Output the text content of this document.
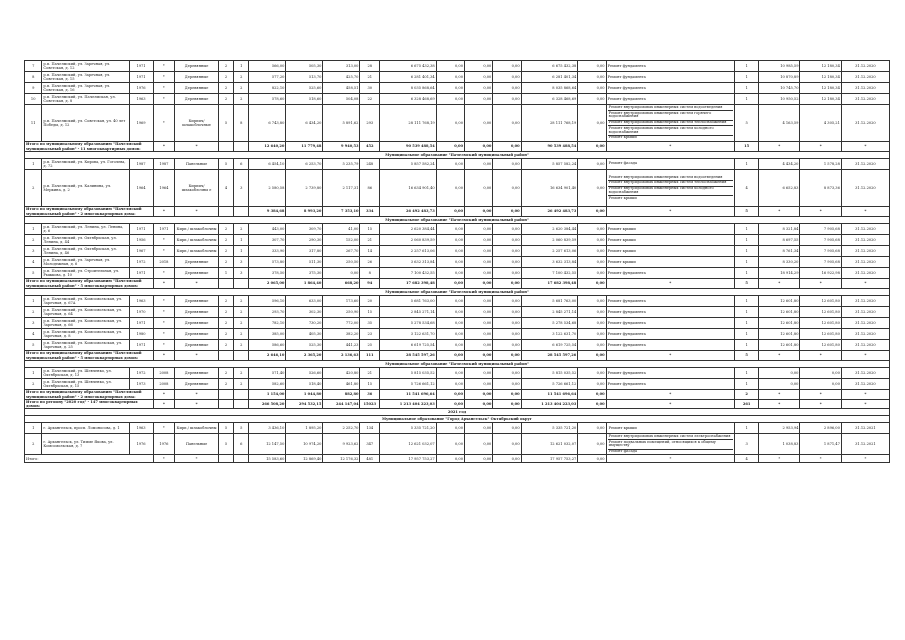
7	р.п. Пачелмский, ул. Заречная, ул. Советская, д. 12	1971	*	Деревянные	2	1	566,00	505,30	313,00	28	6 675 432,38	0,00	0,00	0,00	6 675 432,38	0,00	Ремонт фундамента	1	10 985,59	12 180,34	31.12.2020
8	р.п. Пачелмский, ул. Заречная, ул. Советская, д. 15	1971	*	Деревянные	2	2	577,20	513,70	425,70	21	6 281 401,34	0,00	0,00	0,00	6 281 401,34	0,00	Ремонт фундамента	1	10 870,89	12 180,34	31.12.2020
9	р.п. Пачелмский, ул. Заречная, ул. Советская, д. 16	1976	*	Деревянные	2	2	822,10	525,60	458,51	30	8 035 868,64	0,00	0,00	0,00	8 035 868,64	0,00	Ремонт фундамента	1	10 745,70	12 180,34	31.12.2020
10	р.п. Пачелмский, ул. Пачелмская, ул. Советская, д. 8	1963	*	Деревянные	2	2	578,60	518,60	504,08	22	6 328 468,69	0,00	0,00	0,00	6 328 468,69	0,00	Ремонт фундамента	1	10 950,52	12 180,34	31.12.2020
11	р.п. Пачелмский, ул. Советская, ул. 40 лет Победы, д. 12	1969	*	Кирпич/ шлакоблочные	5	8	6 743,80	6 434,20	5 891,62	293	28 111 768,19	0,00	0,00	0,00	28 111 768,19	0,00	Ремонт внутридомовых инженерных систем водоотведения
Ремонт внутридомовых инженерных систем горячего водоснабжения
Ремонт внутридомовых инженерных систем теплоснабжения
Ремонт внутридомовых инженерных систем холодного водоснабжения
Ремонт крыши	5	4 163,59	4 305,21	31.12.2020
Итого по муниципальному образованию "Пачелмский муниципальный район" - 11 многоквартирных домов:			*	*			12 640,20	11 779,48	9 940,53	452	90 539 488,54	0,00	0,00	0,00	90 539 488,54	0,00	*	15	*	*	*
Муниципальное образование "Пачелмский муниципальный район"																					
1	р.п. Пачелмский, ул. Кирова, ул. Гоголева, д. 72	1987	1987	Панельные	5	6	6 454,10	6 253,70	5 235,79	248	5 857 582,24	0,00	0,00	0,00	5 857 582,24	0,00	Ремонт фасада	1	4 434,20	1 578,28	31.12.2020
2	р.п. Пачелмский, ул. Калинина, ул. Меркина, д. 2	1964	1964	Кирпич/ шлакоблочны е	4	3	2 580,58	2 739,80	2 117,31	86	16 634 901,40	0,00	0,00	0,00	16 634 901,40	0,00	Ремонт внутридомовых инженерных систем водоотведения
Ремонт внутридомовых инженерных систем теплоснабжения
Ремонт внутридомовых инженерных систем холодного водоснабжения
Ремонт крыши	4	6 652,83	8 873,36	31.12.2020
Итого по муниципальному образованию "Пачелмский муниципальный район" - 2 многоквартирных дома:			*	*			9 384,68	8 993,20	7 353,10	334	26 492 483,73	0,00	0,00	0,00	26 492 483,73	0,00	*	5	*	*	*
Муниципальное образование "Пачелмский муниципальный район"																					
1	р.п. Пачелмский, ул. Ленина, ул. Ленина, д. 6	1971	1971	Кирп./ шлакоблочны	2	2	443,00	309,70	41,00	15	2 620 384,44	0,00	0,00	0,00	2 620 384,44	0,00	Ремонт крыши	1	8 321,84	7 905,68	31.12.2020
2	р.п. Пачелмский, ул. Октябрьская, ул. Ленина, д. 44	1956	*	Кирп./ шлакоблочны	2	1	307,70	290,30	152,00	21	2 060 839,59	0,00	0,00	0,00	2 060 839,59	0,00	Ремонт крыши	1	8 697,55	7 905,68	31.12.2020
3	р.п. Пачелмский, ул. Октябрьская, ул. Ленина, д. 46	1967	*	Кирп./ шлакоблочны	2	1	333,90	317,80	267,70	14	2 257 613,06	0,00	0,00	0,00	2 257 613,06	0,00	Ремонт крыши	1	8 761,34	7 905,68	31.12.2020
4	р.п. Пачелмский, ул. Заречная, ул. Молодежная, д. 6	1972	2018	Деревянные	2	3	573,80	511,30	250,50	26	3 632 313,84	0,00	0,00	0,00	3 632 313,84	0,00	Ремонт крыши	1	8 330,20	7 905,68	31.12.2020
5	р.п. Пачелмский, ул. Строительная, ул. Рыжкова, д. 10	1971	*	Деревянные	1	3	378,50	375,30	0,00	8	7 100 432,55	0,00	0,00	0,00	7 100 432,55	0,00	Ремонт фундамента	1	18 914,29	16 922,98	31.12.2020
Итого по муниципальному образованию "Пачелмский муниципальный район" - 5 многоквартирных домов:			*	*			2 065,00	1 864,40	668,20	94	17 682 398,48	0,00	0,00	0,00	17 682 398,48	0,00	*	5	*	*	*
Муниципальное образование "Пачелмский муниципальный район"																					
1	р.п. Пачелмский, ул. Комсомольская, ул. Заречная, д. 67А	1963	*	Деревянные	2	2	596,10	633,00	173,60	20	5 681 763,00	0,00	0,00	0,00	5 681 763,00	0,00	Ремонт фундамента	1	12 601,80	12 601,80	31.12.2020
2	р.п. Пачелмский, ул. Комсомольская, ул. Заречная, д. 64	1970	*	Деревянные	2	2	293,70	302,30	250,90	15	2 845 271,14	0,00	0,00	0,00	2 845 271,14	0,00	Ремонт фундамента	1	12 601,80	12 601,80	31.12.2020
3	р.п. Пачелмский, ул. Комсомольская, ул. Заречная, д. 66	1971	*	Деревянные	2	2	782,10	730,20	772,00	35	5 278 534,68	0,00	0,00	0,00	5 278 534,68	0,00	Ремонт фундамента	1	12 601,80	12 601,80	31.12.2020
4	р.п. Пачелмский, ул. Комсомольская, ул. Заречная, д. 8	1980	*	Деревянные	2	2	385,00	405,30	382,20	23	3 122 631,70	0,00	0,00	0,00	3 122 631,70	0,00	Ремонт фундамента	1	12 601,80	12 601,80	31.12.2020
5	р.п. Пачелмский, ул. Комсомольская, ул. Заречная, д. 25	1971	*	Деревянные	2	2	586,60	525,30	441,23	25	6 619 725,54	0,00	0,00	0,00	6 619 725,54	0,00	Ремонт фундамента	1	12 601,80	12 601,80	31.12.2020
Итого по муниципальному образованию "Пачелмский муниципальный район" - 5 многоквартирных домов:			*	*			2 646,10	2 365,20	2 136,63	111	28 545 597,26	0,00	0,00	0,00	28 545 597,26	0,00	*	5	*	*	*
Муниципальное образование "Пачелмский муниципальный район"																					
1	р.п. Пачелмский, ул. Шевченко, ул. Октябрьская, д. 13	1972	2008	Деревянные	2	2	571,40	526,60	420,80	21	5 815 035,52	0,00	0,00	0,00	5 815 035,52	0,00	Ремонт фундамента	1	0,00	0,00	31.12.2020
2	р.п. Пачелмский, ул. Шевченко, ул. Октябрьская, д. 15	1973	2008	Деревянные	2	2	582,60	518,40	461,80	15	5 726 661,12	0,00	0,00	0,00	5 726 661,12	0,00	Ремонт фундамента	1	0,00	0,00	31.12.2020
Итого по муниципальному образованию "Пачелмский муниципальный район" - 2 многоквартирных дома:			*	*			1 154,00	1 044,80	882,80	36	11 541 696,64	0,00	0,00	0,00	11 541 696,64	0,00	*	2	*	*	*
Итого по региону "2020 год" - 147 многоквартирных домов:			*	*			266 508,20	294 532,15	244 147,04	15023	1 213 404 223,03	0,00	0,00	0,00	1 213 404 223,03	0,00	*	261	*	*	*
2021 год																					
Муниципальное образование "Город Архангельск" Октябрьский округ																					
1	г. Архангельск, просп. Ломоносова, д. 1	1963	*	Кирп./ шлакоблочны	5	5	3 436,10	1 895,20	2 252,70	134	5 335 721,20	0,00	0,00	0,00	5 335 721,20	0,00	Ремонт крыши	1	2 953,94	2 896,00	31.12.2021
2	г. Архангельск, ул. Тимме Якова, ул. Комсомольская, д. 7	1976	1976	Панельные	5	6	12 147,50	10 974,20	9 923,62	347	12 621 032,07	0,00	0,00	0,00	12 621 032,07	0,00	Ремонт внутридомовых инженерных систем электроснабжения
Ремонт подвальных помещений, относящихся к общему имуществу
Ремонт фасада	3	1 038,83	1 871,47	31.12.2021
Итого:			*	*			15 583,60	12 869,40	12 176,32	481	17 957 753,27	0,00	0,00	0,00	17 957 753,27	0,00	*	4	*	*	*
